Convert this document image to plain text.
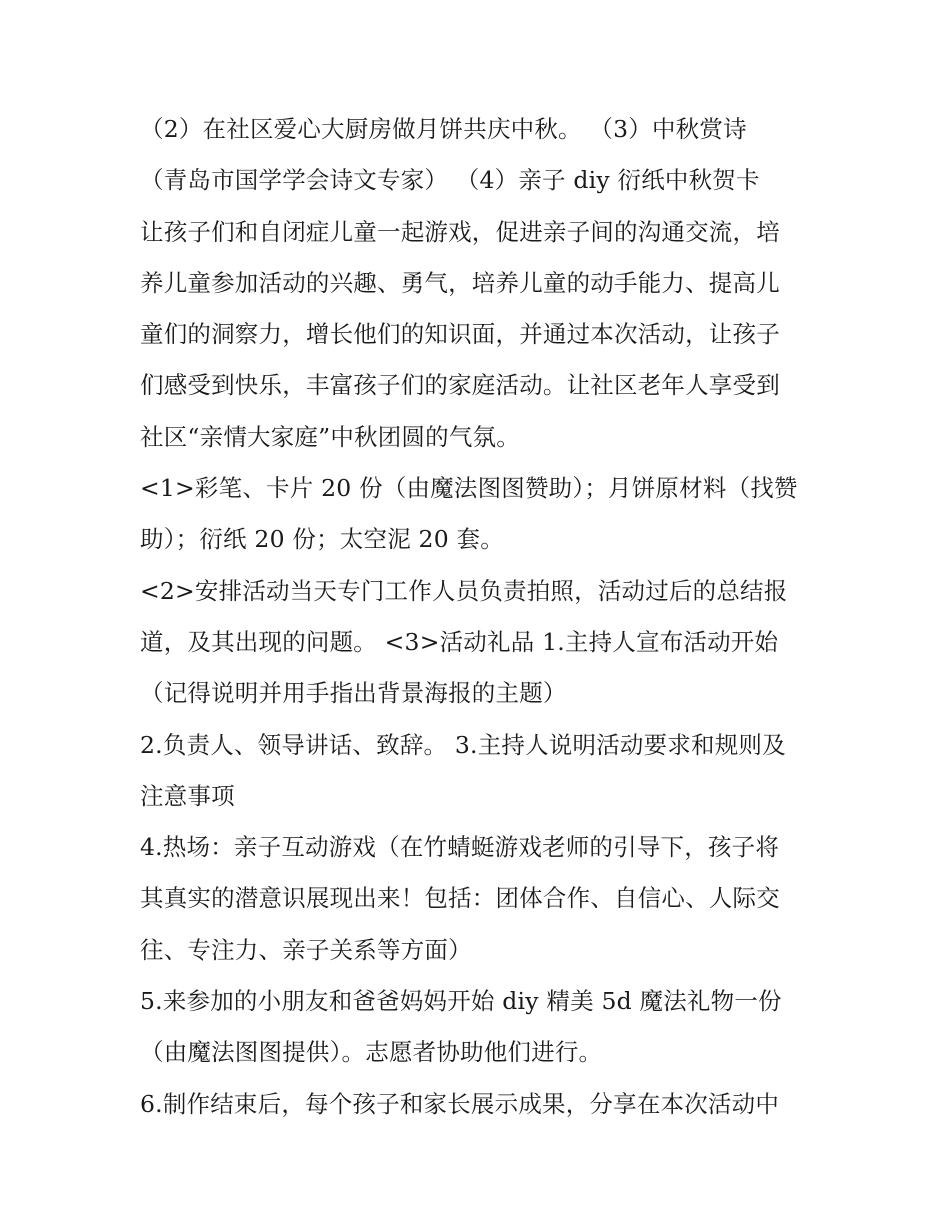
（2）在社区爱心大厨房做月饼共庆中秋。 （3）中秋赏诗
（青岛市国学学会诗文专家） （4）亲子 diy 衍纸中秋贺卡
让孩子们和自闭症儿童一起游戏，促进亲子间的沟通交流，培
养儿童参加活动的兴趣、勇气，培养儿童的动手能力、提高儿
童们的洞察力，增长他们的知识面，并通过本次活动，让孩子
们感受到快乐，丰富孩子们的家庭活动。让社区老年人享受到
社区“亲情大家庭”中秋团圆的气氛。
<1>彩笔、卡片 20 份（由魔法图图赞助）；月饼原材料（找赞
助）；衍纸 20 份；太空泥 20 套。
<2>安排活动当天专门工作人员负责拍照，活动过后的总结报
道，及其出现的问题。 <3>活动礼品 1.主持人宣布活动开始
（记得说明并用手指出背景海报的主题）
2.负责人、领导讲话、致辞。 3.主持人说明活动要求和规则及
注意事项
4.热场：亲子互动游戏（在竹蜻蜓游戏老师的引导下，孩子将
其真实的潜意识展现出来！包括：团体合作、自信心、人际交
往、专注力、亲子关系等方面）
5.来参加的小朋友和爸爸妈妈开始 diy 精美 5d 魔法礼物一份
（由魔法图图提供）。志愿者协助他们进行。
6.制作结束后，每个孩子和家长展示成果，分享在本次活动中
